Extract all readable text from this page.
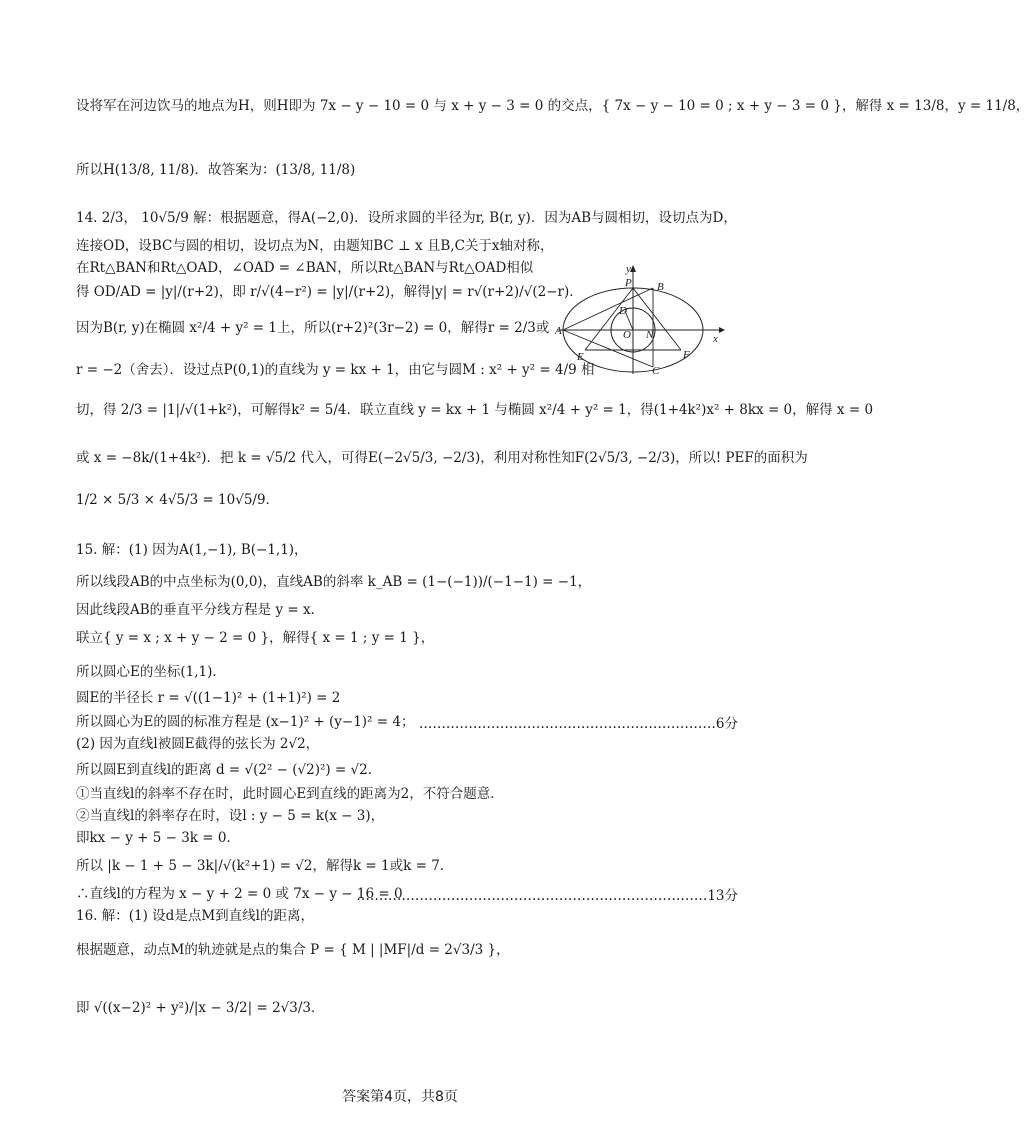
设将军在河边饮马的地点为H，则H即为 7x − y − 10 = 0 与 x + y − 3 = 0 的交点，{ 7x − y − 10 = 0 ; x + y − 3 = 0 }，解得 x = 13/8，y = 11/8，
所以H(13/8, 11/8)．故答案为：(13/8, 11/8)
14. 2/3， 10√5/9 解：根据题意，得A(−2,0)．设所求圆的半径为r, B(r, y)．因为AB与圆相切，设切点为D，
连接OD，设BC与圆的相切，设切点为N，由题知BC ⊥ x 且B,C关于x轴对称，
在Rt△BAN和Rt△OAD，∠OAD = ∠BAN，所以Rt△BAN与Rt△OAD相似
得 OD/AD = |y|/(r+2)，即 r/√(4−r²) = |y|/(r+2)，解得|y| = r√(r+2)/√(2−r)．
因为B(r, y)在椭圆 x²/4 + y² = 1上，所以(r+2)²(3r−2) = 0，解得r = 2/3或
r = −2（舍去）．设过点P(0,1)的直线为 y = kx + 1，由它与圆M : x² + y² = 4/9 相
切，得 2/3 = |1|/√(1+k²)，可解得k² = 5/4．联立直线 y = kx + 1 与椭圆 x²/4 + y² = 1，得(1+4k²)x² + 8kx = 0，解得 x = 0
或 x = −8k/(1+4k²)．把 k = √5/2 代入，可得E(−2√5/3, −2/3)，利用对称性知F(2√5/3, −2/3)，所以! PEF的面积为
1/2 × 5/3 × 4√5/3 = 10√5/9．
15. 解：(1) 因为A(1,−1), B(−1,1)，
所以线段AB的中点坐标为(0,0)，直线AB的斜率 k_AB = (1−(−1))/(−1−1) = −1，
因此线段AB的垂直平分线方程是 y = x．
联立{ y = x ; x + y − 2 = 0 }，解得{ x = 1 ; y = 1 }，
所以圆心E的坐标(1,1)．
圆E的半径长 r = √((1−1)² + (1+1)²) = 2
所以圆心为E的圆的标准方程是 (x−1)² + (y−1)² = 4； …………………………………………………………6分
(2) 因为直线l被圆E截得的弦长为 2√2，
所以圆E到直线l的距离 d = √(2² − (√2)²) = √2．
①当直线l的斜率不存在时，此时圆心E到直线的距离为2，不符合题意．
②当直线l的斜率存在时，设l : y − 5 = k(x − 3)，
即kx − y + 5 − 3k = 0．
所以 |k − 1 + 5 − 3k|/√(k²+1) = √2，解得k = 1或k = 7．
∴直线l的方程为 x − y + 2 = 0 或 7x − y − 16 = 0
……………………………………………………………………13分
16. 解：(1) 设d是点M到直线l的距离，
根据题意，动点M的轨迹就是点的集合 P = { M | |MF|/d = 2√3/3 }，
即 √((x−2)² + y²)/|x − 3/2| = 2√3/3．
y
P B
D
A	O N	x
E	F
C
答案第4页，共8页
